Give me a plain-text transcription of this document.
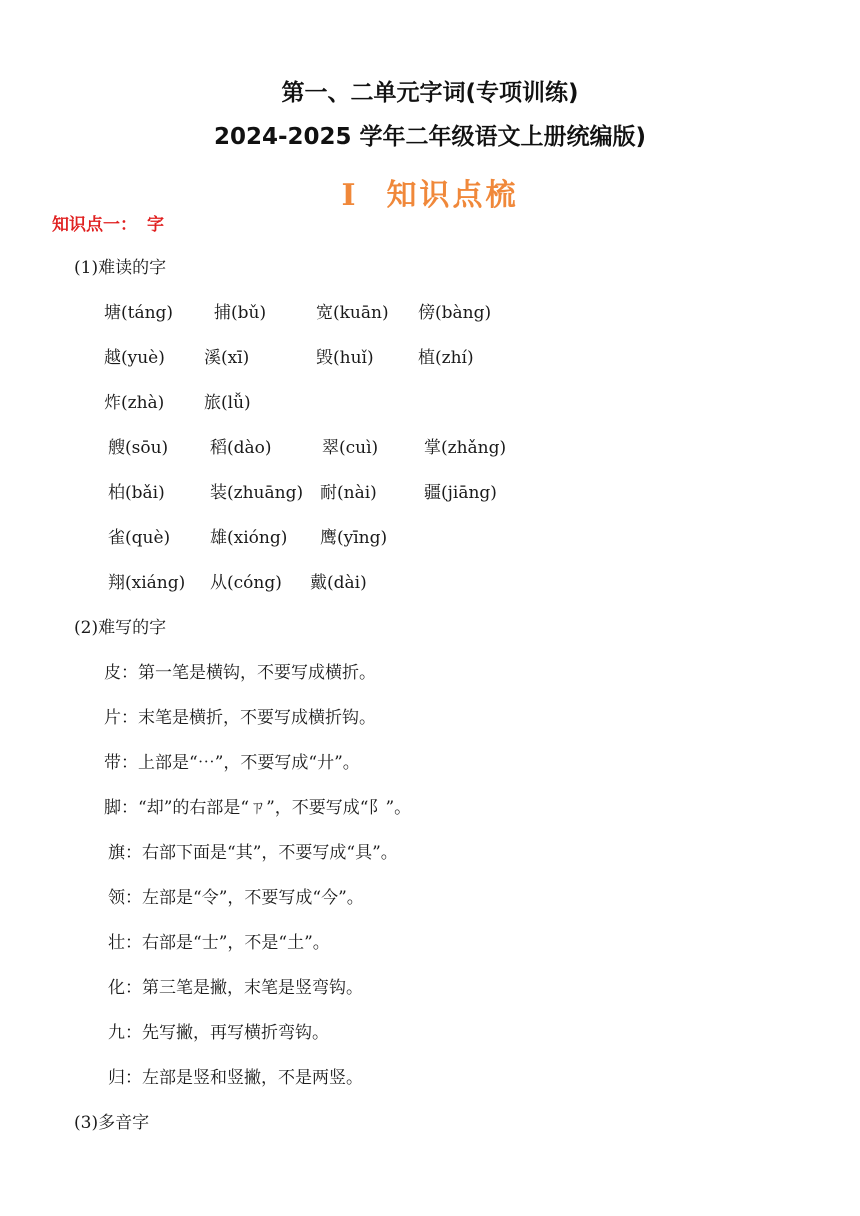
第一、二单元字词(专项训练)
2024-2025 学年二年级语文上册统编版)
Ⅰ 知识点梳
知识点一： 字
(1)难读的字
塘(táng) 捕(bǔ)	宽(kuān) 傍(bàng)
越(yuè) 溪(xī)	毁(huǐ)	植(zhí)
炸(zhà) 旅(lǚ)
艘(sōu) 稻(dào)	翠(cuì)	掌(zhǎng)
柏(bǎi)	装(zhuāng) 耐(nài)	疆(jiāng)
雀(què) 雄(xióng) 鹰(yīng)
翔(xiáng) 从(cóng) 戴(dài)
(2)难写的字
皮：第一笔是横钩，不要写成横折。
片：末笔是横折，不要写成横折钩。
带：上部是“⋯”，不要写成“廾”。
脚：“却”的右部是“ㄗ”，不要写成“阝”。
旗：右部下面是“其”，不要写成“具”。
领：左部是“令”，不要写成“今”。
壮：右部是“士”，不是“土”。
化：第三笔是撇，末笔是竖弯钩。
九：先写撇，再写横折弯钩。
归：左部是竖和竖撇，不是两竖。
(3)多音字
